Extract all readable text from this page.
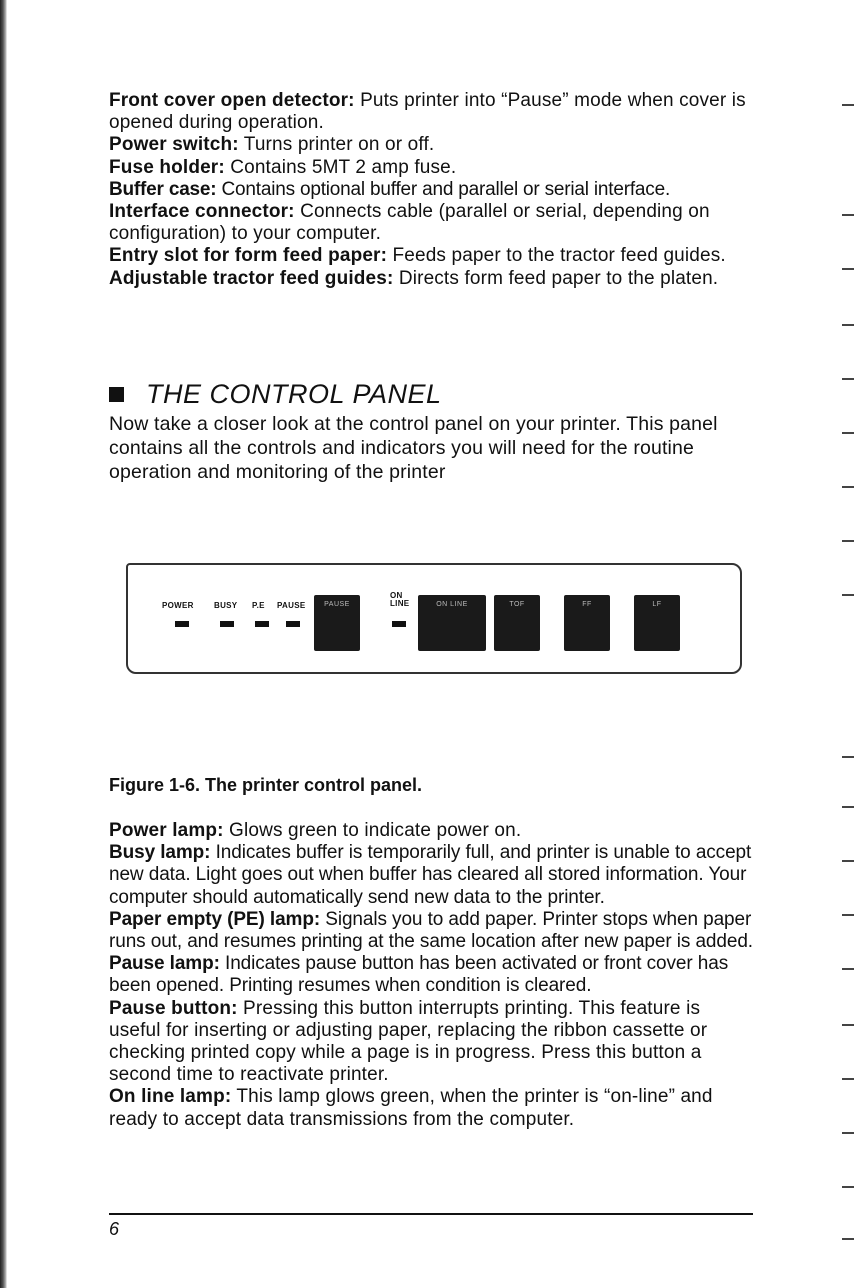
Front cover open detector: Puts printer into “Pause” mode when cover is opened during operation.

Power switch: Turns printer on or off.

Fuse holder: Contains 5MT 2 amp fuse.

Buffer case: Contains optional buffer and parallel or serial interface.

Interface connector: Connects cable (parallel or serial, depending on configuration) to your computer.

Entry slot for form feed paper: Feeds paper to the tractor feed guides.

Adjustable tractor feed guides: Directs form feed paper to the platen.

THE CONTROL PANEL

Now take a closer look at the control panel on your printer. This panel contains all the controls and indicators you will need for the routine operation and monitoring of the printer

POWER	BUSY P.E PAUSE	PAUSE
ON LINE	ON LINE	TOF	FF	LF
Figure 1-6. The printer control panel.

Power lamp: Glows green to indicate power on.

Busy lamp: Indicates buffer is temporarily full, and printer is unable to accept new data. Light goes out when buffer has cleared all stored information. Your computer should automatically send new data to the printer.

Paper empty (PE) lamp: Signals you to add paper. Printer stops when paper runs out, and resumes printing at the same location after new paper is added.

Pause lamp: Indicates pause button has been activated or front cover has been opened. Printing resumes when condition is cleared.

Pause button: Pressing this button interrupts printing. This feature is useful for inserting or adjusting paper, replacing the ribbon cassette or checking printed copy while a page is in progress. Press this button a second time to reactivate printer.

On line lamp: This lamp glows green, when the printer is “on-line” and ready to accept data transmissions from the computer.

6
